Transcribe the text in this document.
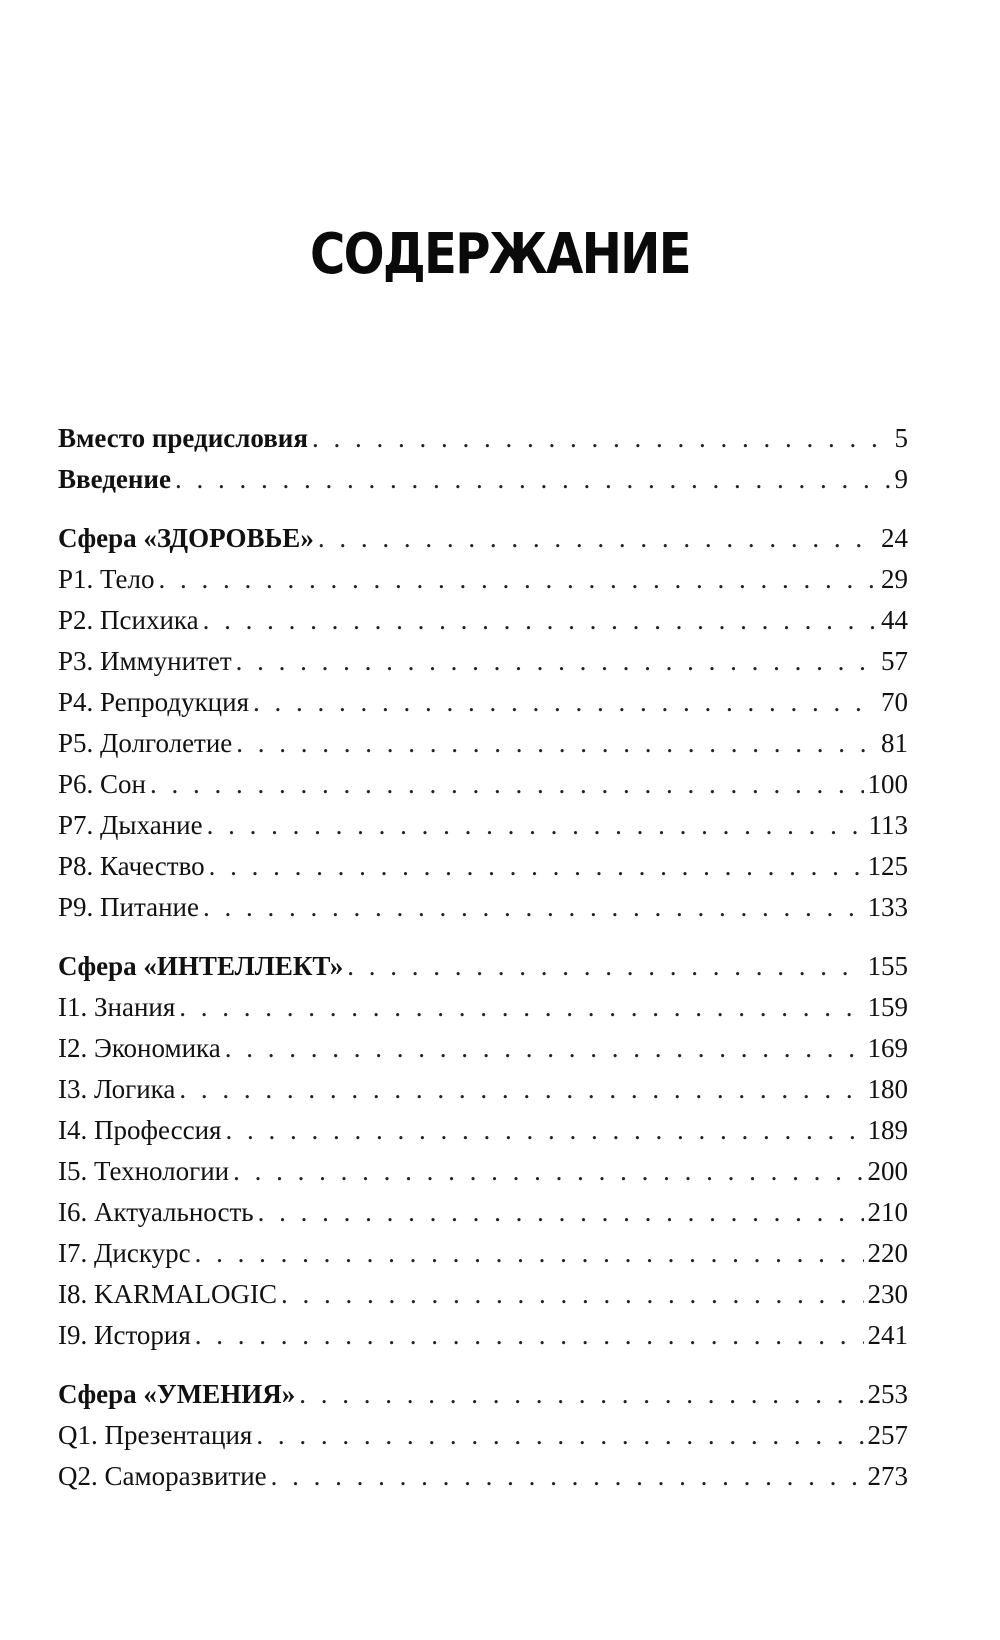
СОДЕРЖАНИЕ
Вместо предисловия . . .	5
Введение . . .	9
Сфера «ЗДОРОВЬЕ» . . .	24
P1. Тело . . .	29
P2. Психика . . .	44
P3. Иммунитет . . .	57
P4. Репродукция . . .	70
P5. Долголетие . . .	81
P6. Сон . . .	100
P7. Дыхание . . .	113
P8. Качество . . .	125
P9. Питание . . .	133
Сфера «ИНТЕЛЛЕКТ» . . .	155
I1. Знания . . .	159
I2. Экономика . . .	169
I3. Логика . . .	180
I4. Профессия . . .	189
I5. Технологии . . .	200
I6. Актуальность . . .	210
I7. Дискурс . . .	220
I8. KARMALOGIC . . .	230
I9. История . . .	241
Сфера «УМЕНИЯ» . . .	253
Q1. Презентация . . .	257
Q2. Саморазвитие . . .	273
